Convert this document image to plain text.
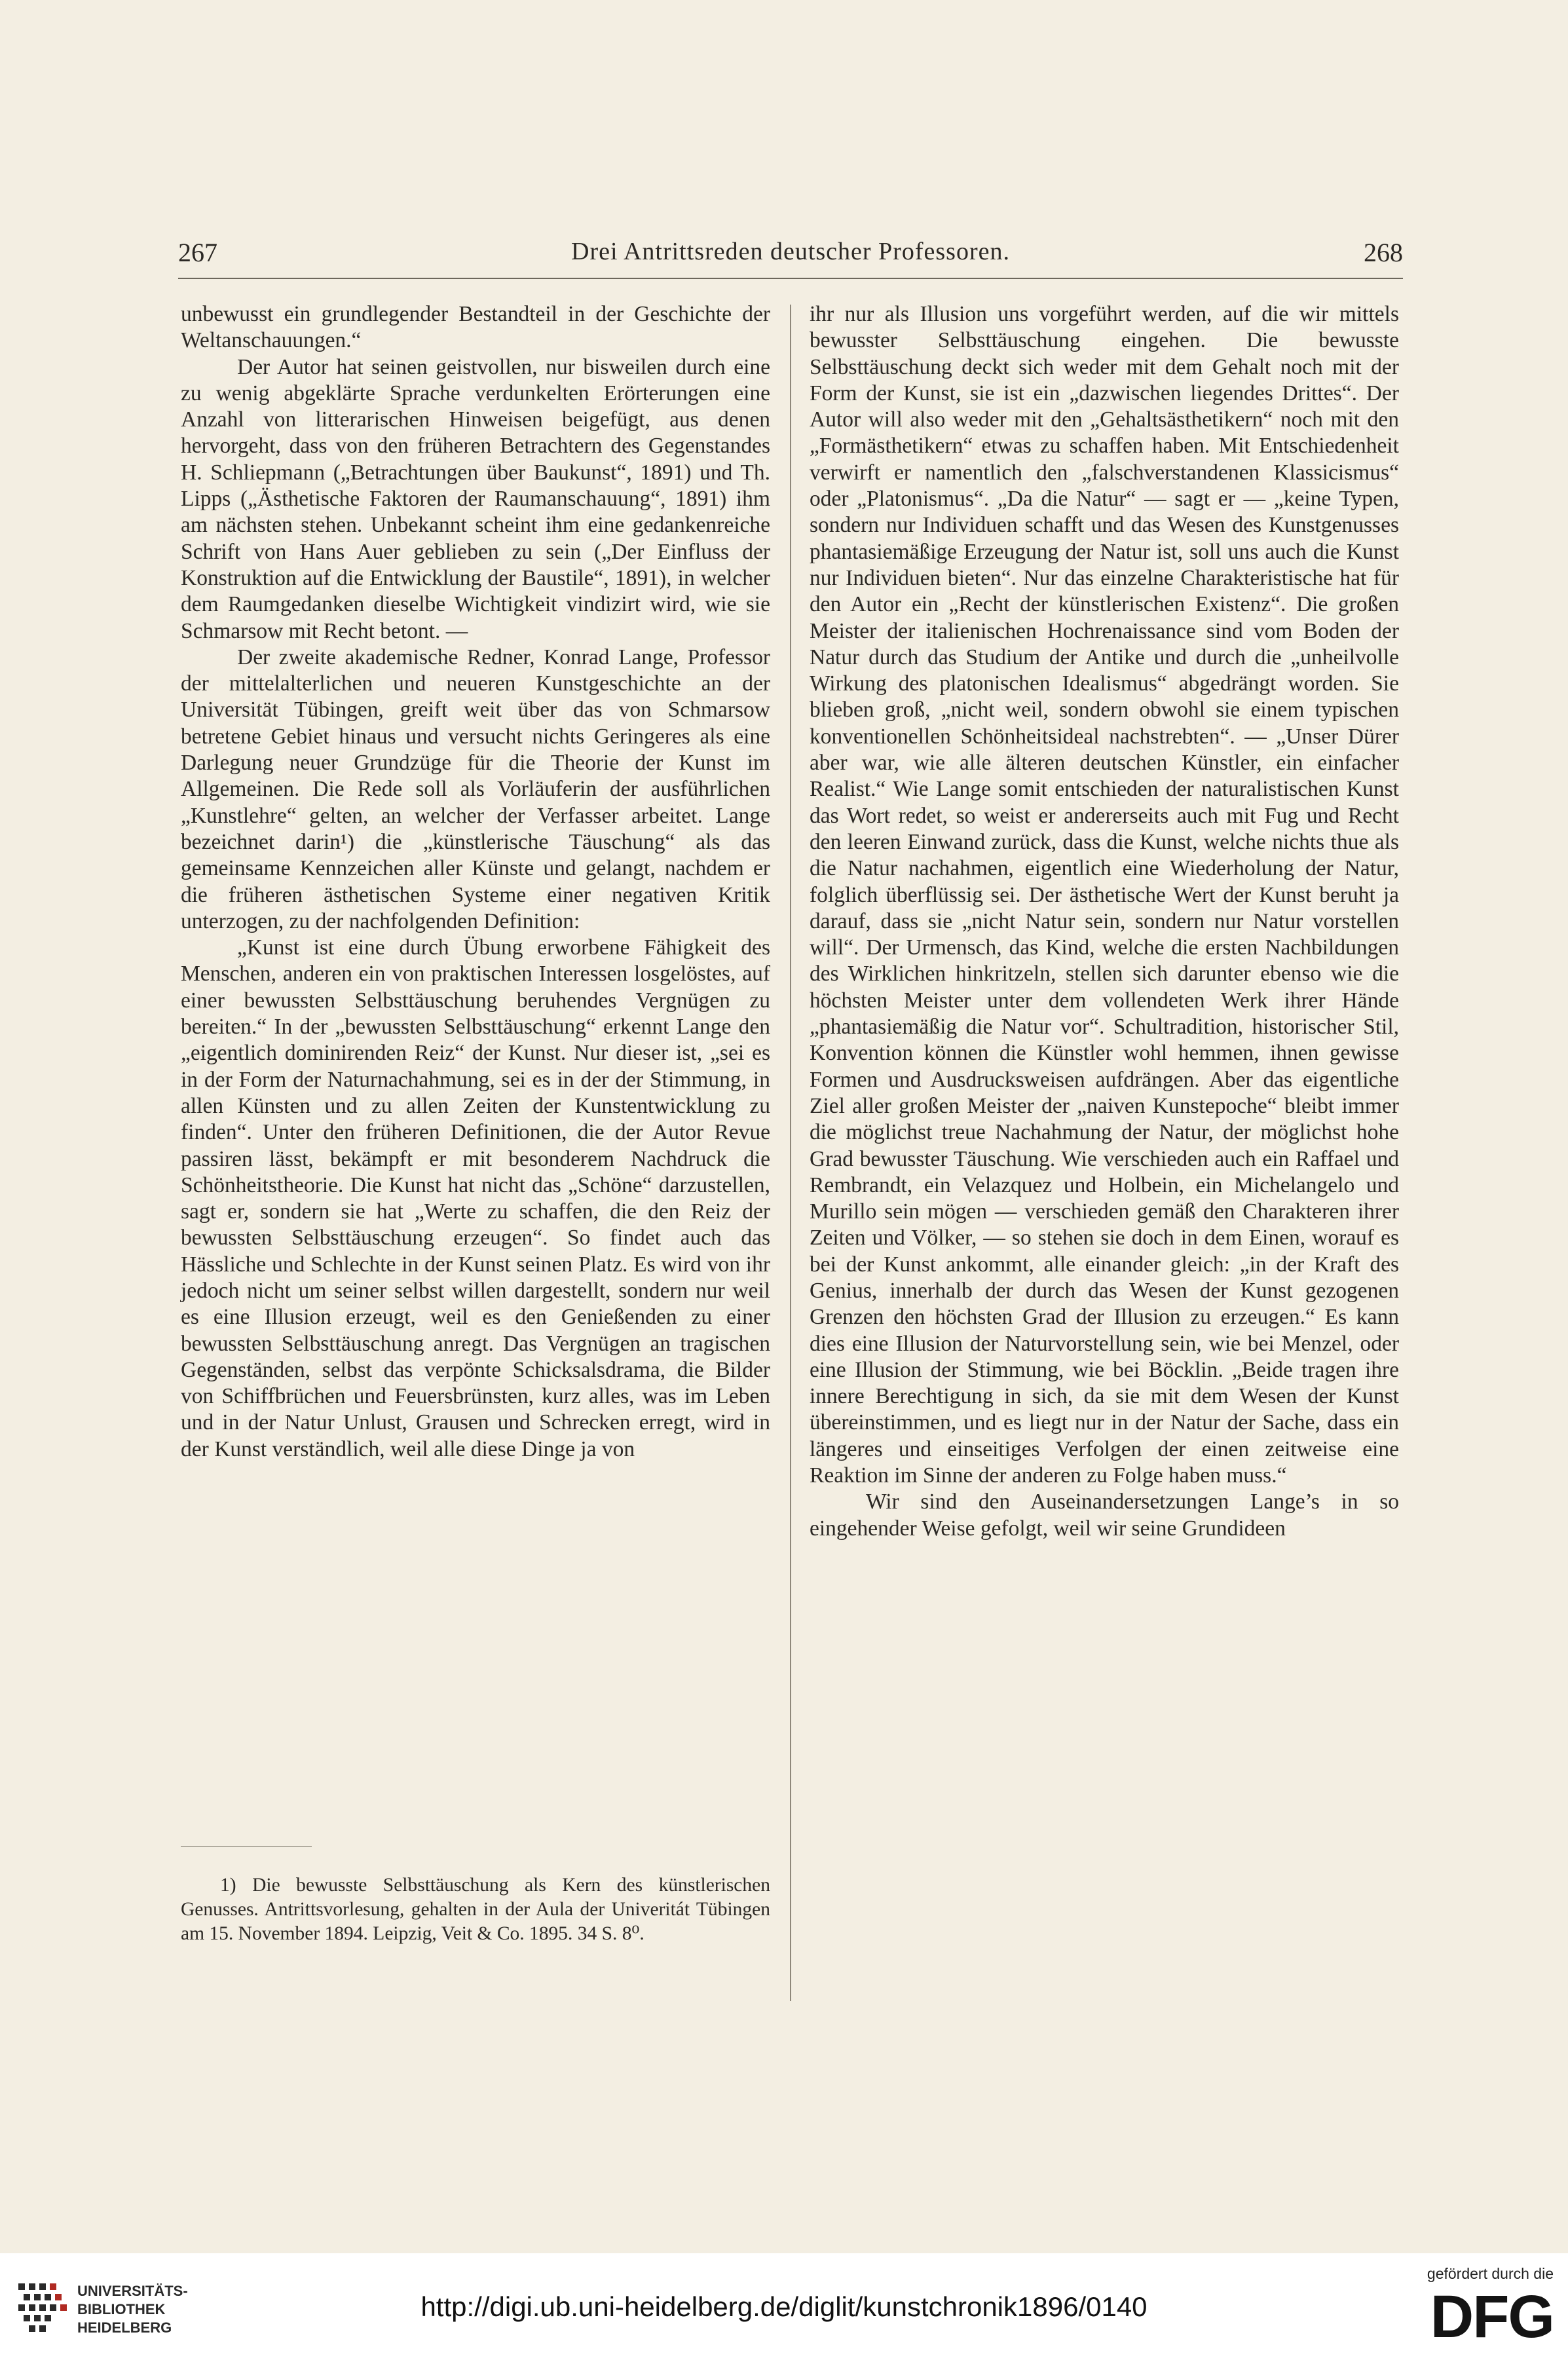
267	Drei Antrittsreden deutscher Professoren.	268

unbewusst ein grundlegender Bestandteil in der Geschichte der Weltanschauungen.“

Der Autor hat seinen geistvollen, nur bisweilen durch eine zu wenig abgeklärte Sprache verdunkelten Erörterungen eine Anzahl von litterarischen Hinweisen beigefügt, aus denen hervorgeht, dass von den früheren Betrachtern des Gegenstandes H. Schliepmann („Betrachtungen über Baukunst“, 1891) und Th. Lipps („Ästhetische Faktoren der Raumanschauung“, 1891) ihm am nächsten stehen. Unbekannt scheint ihm eine gedankenreiche Schrift von Hans Auer geblieben zu sein („Der Einfluss der Konstruktion auf die Entwicklung der Baustile“, 1891), in welcher dem Raumgedanken dieselbe Wichtigkeit vindizirt wird, wie sie Schmarsow mit Recht betont. —

Der zweite akademische Redner, Konrad Lange, Professor der mittelalterlichen und neueren Kunstgeschichte an der Universität Tübingen, greift weit über das von Schmarsow betretene Gebiet hinaus und versucht nichts Geringeres als eine Darlegung neuer Grundzüge für die Theorie der Kunst im Allgemeinen. Die Rede soll als Vorläuferin der ausführlichen „Kunstlehre“ gelten, an welcher der Verfasser arbeitet. Lange bezeichnet darin¹) die „künstlerische Täuschung“ als das gemeinsame Kennzeichen aller Künste und gelangt, nachdem er die früheren ästhetischen Systeme einer negativen Kritik unterzogen, zu der nachfolgenden Definition:

„Kunst ist eine durch Übung erworbene Fähigkeit des Menschen, anderen ein von praktischen Interessen losgelöstes, auf einer bewussten Selbsttäuschung beruhendes Vergnügen zu bereiten.“ In der „bewussten Selbsttäuschung“ erkennt Lange den „eigentlich dominirenden Reiz“ der Kunst. Nur dieser ist, „sei es in der Form der Naturnachahmung, sei es in der der Stimmung, in allen Künsten und zu allen Zeiten der Kunstentwicklung zu finden“. Unter den früheren Definitionen, die der Autor Revue passiren lässt, bekämpft er mit besonderem Nachdruck die Schönheitstheorie. Die Kunst hat nicht das „Schöne“ darzustellen, sagt er, sondern sie hat „Werte zu schaffen, die den Reiz der bewussten Selbsttäuschung erzeugen“. So findet auch das Hässliche und Schlechte in der Kunst seinen Platz. Es wird von ihr jedoch nicht um seiner selbst willen dargestellt, sondern nur weil es eine Illusion erzeugt, weil es den Genießenden zu einer bewussten Selbsttäuschung anregt. Das Vergnügen an tragischen Gegenständen, selbst das verpönte Schicksalsdrama, die Bilder von Schiffbrüchen und Feuersbrünsten, kurz alles, was im Leben und in der Natur Unlust, Grausen und Schrecken erregt, wird in der Kunst verständlich, weil alle diese Dinge ja von

1) Die bewusste Selbsttäuschung als Kern des künstlerischen Genusses. Antrittsvorlesung, gehalten in der Aula der Univeritát Tübingen am 15. November 1894. Leipzig, Veit & Co. 1895. 34 S. 8⁰.

ihr nur als Illusion uns vorgeführt werden, auf die wir mittels bewusster Selbsttäuschung eingehen. Die bewusste Selbsttäuschung deckt sich weder mit dem Gehalt noch mit der Form der Kunst, sie ist ein „dazwischen liegendes Drittes“. Der Autor will also weder mit den „Gehaltsästhetikern“ noch mit den „Formästhetikern“ etwas zu schaffen haben. Mit Entschiedenheit verwirft er namentlich den „falschverstandenen Klassicismus“ oder „Platonismus“. „Da die Natur“ — sagt er — „keine Typen, sondern nur Individuen schafft und das Wesen des Kunstgenusses phantasiemäßige Erzeugung der Natur ist, soll uns auch die Kunst nur Individuen bieten“. Nur das einzelne Charakteristische hat für den Autor ein „Recht der künstlerischen Existenz“. Die großen Meister der italienischen Hochrenaissance sind vom Boden der Natur durch das Studium der Antike und durch die „unheilvolle Wirkung des platonischen Idealismus“ abgedrängt worden. Sie blieben groß, „nicht weil, sondern obwohl sie einem typischen konventionellen Schönheitsideal nachstrebten“. — „Unser Dürer aber war, wie alle älteren deutschen Künstler, ein einfacher Realist.“ Wie Lange somit entschieden der naturalistischen Kunst das Wort redet, so weist er andererseits auch mit Fug und Recht den leeren Einwand zurück, dass die Kunst, welche nichts thue als die Natur nachahmen, eigentlich eine Wiederholung der Natur, folglich überflüssig sei. Der ästhetische Wert der Kunst beruht ja darauf, dass sie „nicht Natur sein, sondern nur Natur vorstellen will“. Der Urmensch, das Kind, welche die ersten Nachbildungen des Wirklichen hinkritzeln, stellen sich darunter ebenso wie die höchsten Meister unter dem vollendeten Werk ihrer Hände „phantasiemäßig die Natur vor“. Schultradition, historischer Stil, Konvention können die Künstler wohl hemmen, ihnen gewisse Formen und Ausdrucksweisen aufdrängen. Aber das eigentliche Ziel aller großen Meister der „naiven Kunstepoche“ bleibt immer die möglichst treue Nachahmung der Natur, der möglichst hohe Grad bewusster Täuschung. Wie verschieden auch ein Raffael und Rembrandt, ein Velazquez und Holbein, ein Michelangelo und Murillo sein mögen — verschieden gemäß den Charakteren ihrer Zeiten und Völker, — so stehen sie doch in dem Einen, worauf es bei der Kunst ankommt, alle einander gleich: „in der Kraft des Genius, innerhalb der durch das Wesen der Kunst gezogenen Grenzen den höchsten Grad der Illusion zu erzeugen.“ Es kann dies eine Illusion der Naturvorstellung sein, wie bei Menzel, oder eine Illusion der Stimmung, wie bei Böcklin. „Beide tragen ihre innere Berechtigung in sich, da sie mit dem Wesen der Kunst übereinstimmen, und es liegt nur in der Natur der Sache, dass ein längeres und einseitiges Verfolgen der einen zeitweise eine Reaktion im Sinne der anderen zu Folge haben muss.“

Wir sind den Auseinandersetzungen Lange’s in so eingehender Weise gefolgt, weil wir seine Grundideen

UNIVERSITÄTS-
BIBLIOTHEK
HEIDELBERG
http://digi.ub.uni-heidelberg.de/diglit/kunstchronik1896/0140
gefördert durch die
DFG
